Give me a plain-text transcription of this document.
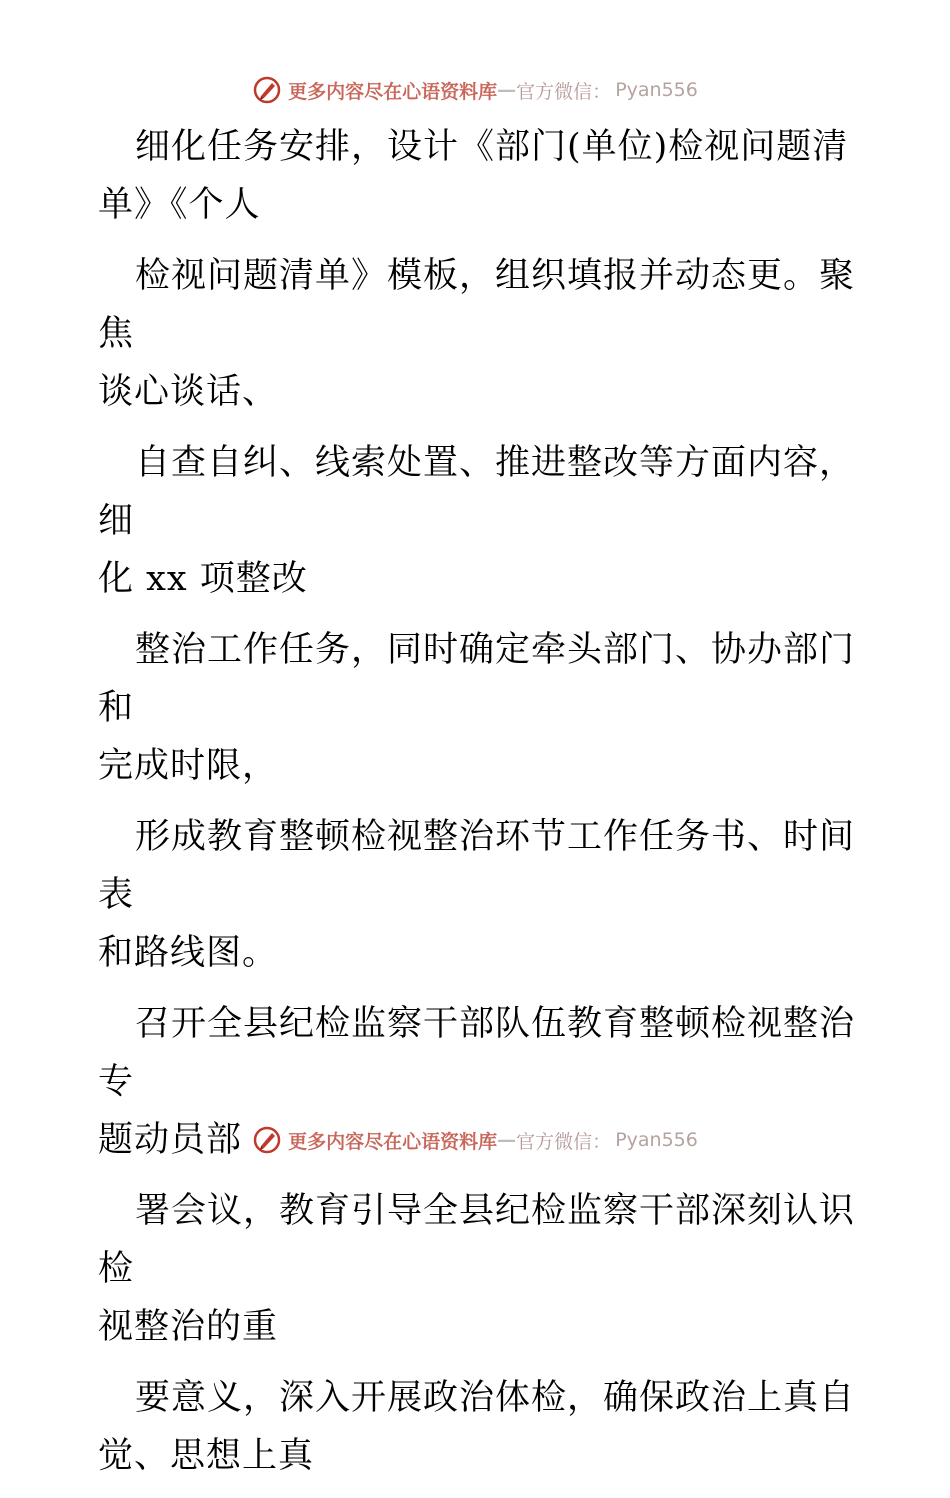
更多内容尽在心语资料库 — 官方微信： Pyan556

细化任务安排，设计《部门(单位)检视问题清
单》《个人

检视问题清单》模板，组织填报并动态更。聚焦
谈心谈话、

自查自纠、线索处置、推进整改等方面内容，细
化 xx 项整改

整治工作任务，同时确定牵头部门、协办部门和
完成时限，

形成教育整顿检视整治环节工作任务书、时间表
和路线图。

召开全县纪检监察干部队伍教育整顿检视整治专
题动员部

署会议，教育引导全县纪检监察干部深刻认识检
视整治的重

要意义，深入开展政治体检，确保政治上真自
觉、思想上真

更多内容尽在心语资料库 — 官方微信： Pyan556
